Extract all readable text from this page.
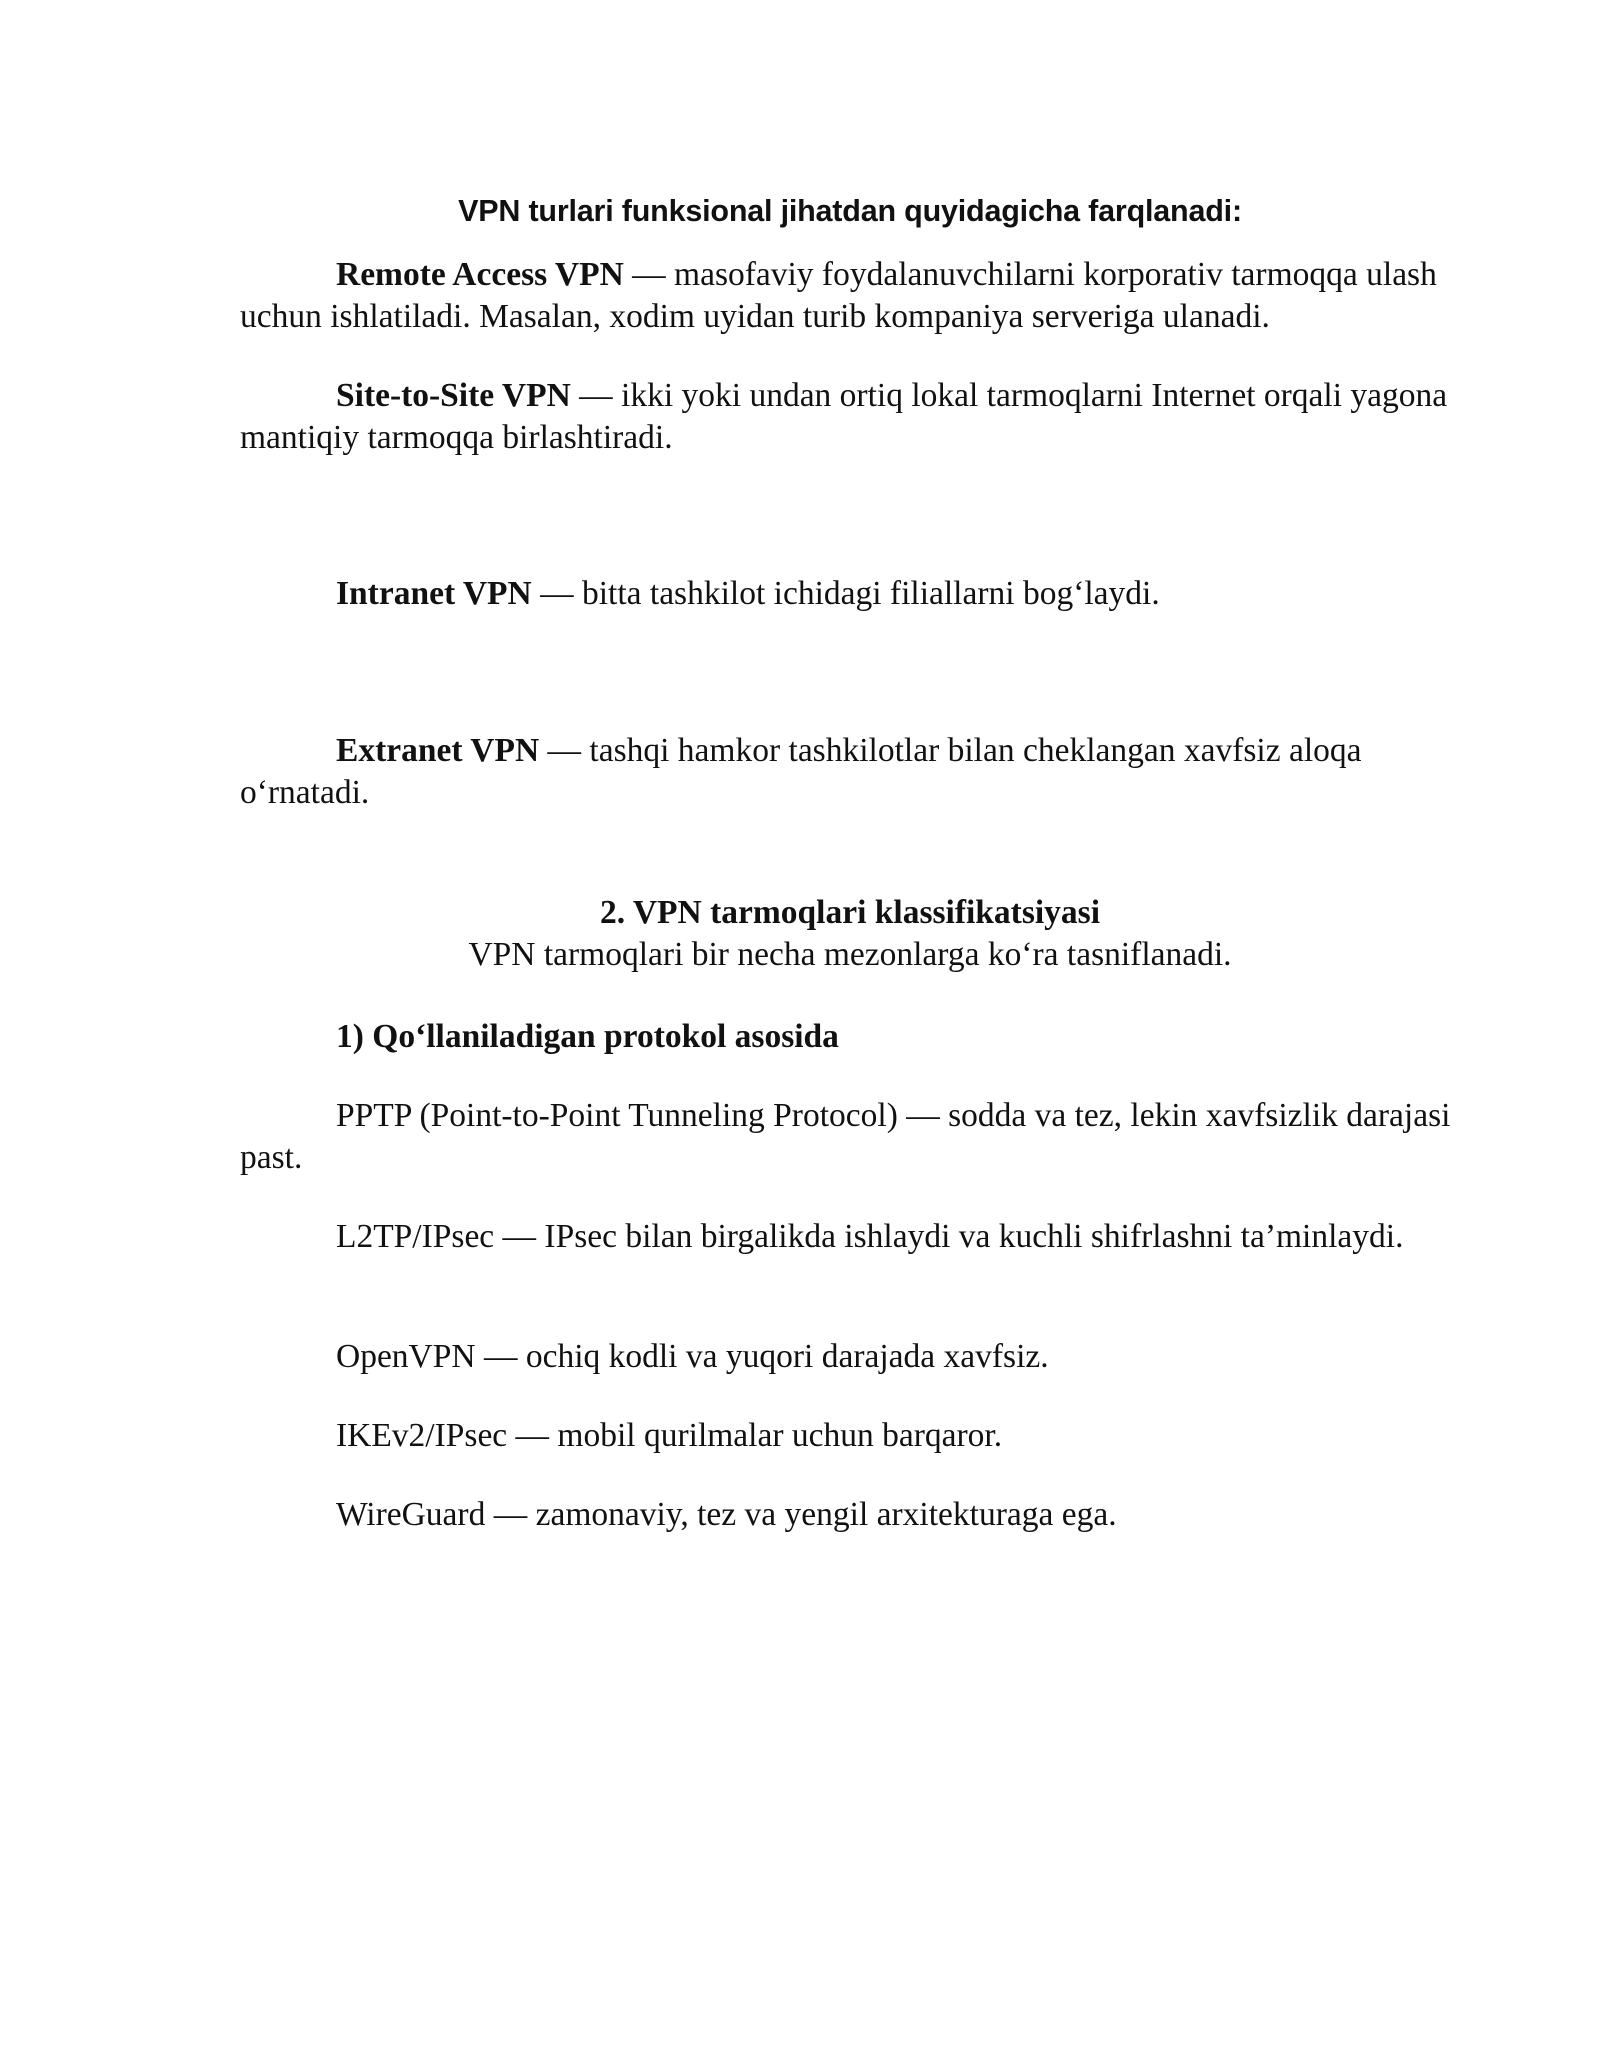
VPN turlari funksional jihatdan quyidagicha farqlanadi:

Remote Access VPN — masofaviy foydalanuvchilarni korporativ tarmoqqa ulash uchun ishlatiladi. Masalan, xodim uyidan turib kompaniya serveriga ulanadi.

Site-to-Site VPN — ikki yoki undan ortiq lokal tarmoqlarni Internet orqali yagona mantiqiy tarmoqqa birlashtiradi.

Intranet VPN — bitta tashkilot ichidagi filiallarni bog‘laydi.

Extranet VPN — tashqi hamkor tashkilotlar bilan cheklangan xavfsiz aloqa o‘rnatadi.

2. VPN tarmoqlari klassifikatsiyasi
VPN tarmoqlari bir necha mezonlarga ko‘ra tasniflanadi.

1) Qo‘llaniladigan protokol asosida

PPTP (Point-to-Point Tunneling Protocol) — sodda va tez, lekin xavfsizlik darajasi past.

L2TP/IPsec — IPsec bilan birgalikda ishlaydi va kuchli shifrlashni ta’minlaydi.

OpenVPN — ochiq kodli va yuqori darajada xavfsiz.

IKEv2/IPsec — mobil qurilmalar uchun barqaror.

WireGuard — zamonaviy, tez va yengil arxitekturaga ega.
